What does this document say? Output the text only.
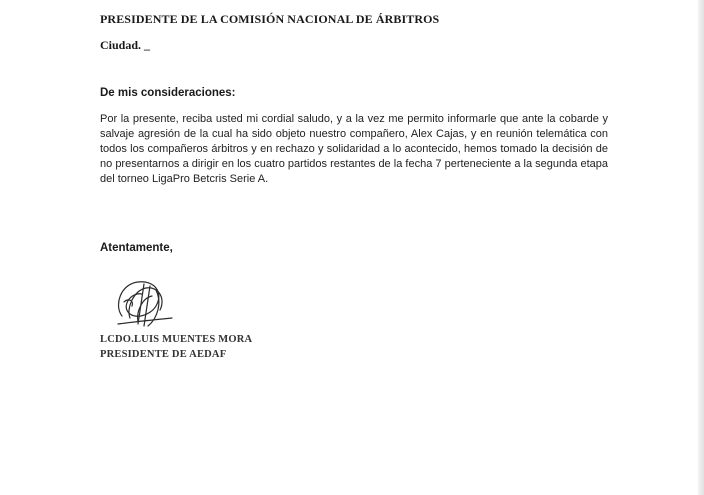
PRESIDENTE DE LA COMISIÓN NACIONAL DE ÁRBITROS
Ciudad. _
De mis consideraciones:
Por la presente, reciba usted mi cordial saludo, y a la vez me permito informarle que ante la cobarde y salvaje agresión de la cual ha sido objeto nuestro compañero, Alex Cajas, y en reunión telemática con todos los compañeros árbitros y en rechazo y solidaridad a lo acontecido, hemos tomado la decisión de no presentarnos a dirigir en los cuatro partidos restantes de la fecha 7 perteneciente a la segunda etapa del torneo LigaPro Betcris Serie A.
Atentamente,
LCDO.LUIS MUENTES MORA
PRESIDENTE DE AEDAF
